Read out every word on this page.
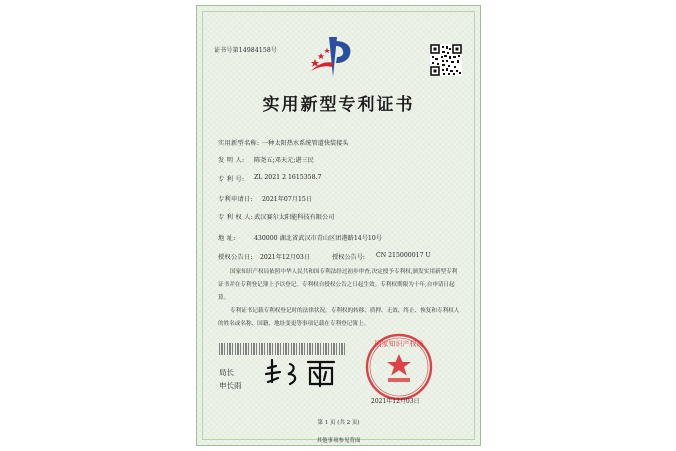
证书号第14984158号
实用新型专利证书
实用新型名称: 一种太阳热水系统管道快装接头
发 明 人:	陈尧五;邓天元;谌三民
专 利 号:	ZL 2021 2 1615358.7
专利申请日:	2021年07月15日
专 利 权 人: 武汉赛尔太阳能科技有限公司
地 址:	430000 湖北省武汉市青山区团港路14号10号
授权公告日:	2021年12月03日	授权公告号:	CN 215000017 U

国家知识产权局依照中华人民共和国专利法经过初步审查,决定授予专利权,颁发实用新型专利证书并在专利登记簿上予以登记。专利权自授权公告之日起生效。专利权期限为十年,自申请日起算。

专利证书记载专利权登记时的法律状况。专利权的转移、质押、无效、终止、恢复和专利权人的姓名或名称、国籍、地址变更等事项记载在专利登记簿上。

局长
申长雨
国家知识产权局
2021年12月03日
第 1 页 (共 2 页)
其他事项参见背面
